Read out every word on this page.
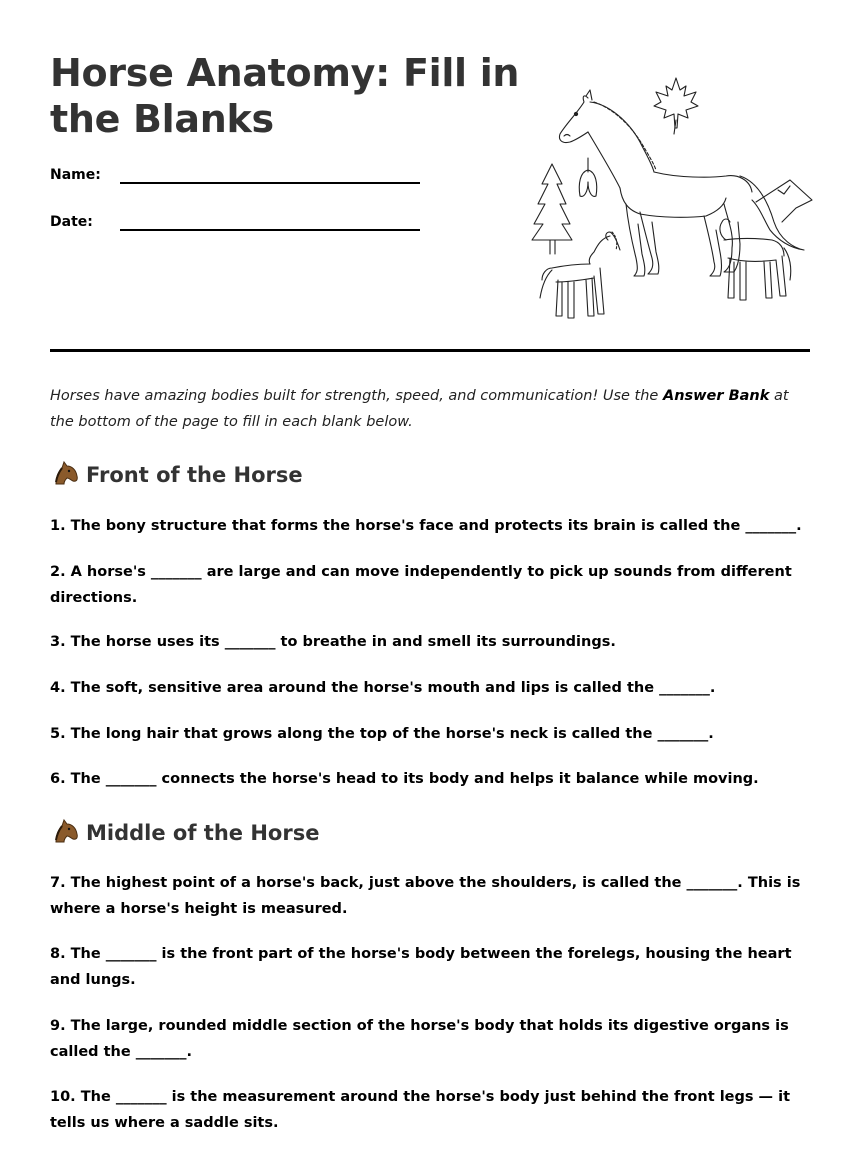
Horse Anatomy: Fill in the Blanks
Name:
Date:

Horses have amazing bodies built for strength, speed, and communication! Use the Answer Bank at the bottom of the page to fill in each blank below.

Front of the Horse

1. The bony structure that forms the horse's face and protects its brain is called the _______.

2. A horse's _______ are large and can move independently to pick up sounds from different directions.

3. The horse uses its _______ to breathe in and smell its surroundings.

4. The soft, sensitive area around the horse's mouth and lips is called the _______.

5. The long hair that grows along the top of the horse's neck is called the _______.

6. The _______ connects the horse's head to its body and helps it balance while moving.

Middle of the Horse

7. The highest point of a horse's back, just above the shoulders, is called the _______. This is where a horse's height is measured.

8. The _______ is the front part of the horse's body between the forelegs, housing the heart and lungs.

9. The large, rounded middle section of the horse's body that holds its digestive organs is called the _______.

10. The _______ is the measurement around the horse's body just behind the front legs — it tells us where a saddle sits.
